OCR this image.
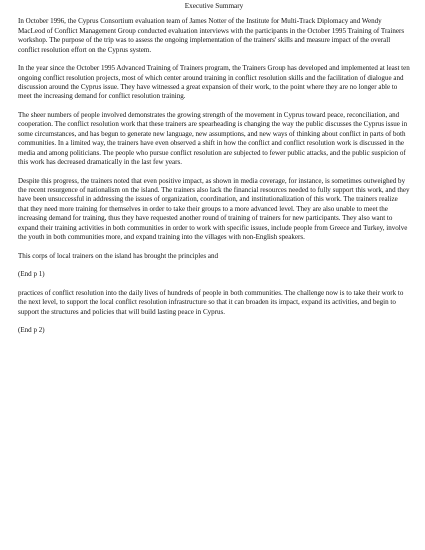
Executive Summary

In October 1996, the Cyprus Consortium evaluation team of James Notter of the Institute for Multi-Track Diplomacy and Wendy MacLeod of Conflict Management Group conducted evaluation interviews with the participants in the October 1995 Training of Trainers workshop. The purpose of the trip was to assess the ongoing implementation of the trainers' skills and measure impact of the overall conflict resolution effort on the Cyprus system.

In the year since the October 1995 Advanced Training of Trainers program, the Trainers Group has developed and implemented at least ten ongoing conflict resolution projects, most of which center around training in conflict resolution skills and the facilitation of dialogue and discussion around the Cyprus issue. They have witnessed a great expansion of their work, to the point where they are no longer able to meet the increasing demand for conflict resolution training.

The sheer numbers of people involved demonstrates the growing strength of the movement in Cyprus toward peace, reconciliation, and cooperation. The conflict resolution work that these trainers are spearheading is changing the way the public discusses the Cyprus issue in some circumstances, and has begun to generate new language, new assumptions, and new ways of thinking about conflict in parts of both communities. In a limited way, the trainers have even observed a shift in how the conflict and conflict resolution work is discussed in the media and among politicians. The people who pursue conflict resolution are subjected to fewer public attacks, and the public suspicion of this work has decreased dramatically in the last few years.

Despite this progress, the trainers noted that even positive impact, as shown in media coverage, for instance, is sometimes outweighed by the recent resurgence of nationalism on the island. The trainers also lack the financial resources needed to fully support this work, and they have been unsuccessful in addressing the issues of organization, coordination, and institutionalization of this work. The trainers realize that they need more training for themselves in order to take their groups to a more advanced level. They are also unable to meet the increasing demand for training, thus they have requested another round of training of trainers for new participants. They also want to expand their training activities in both communities in order to work with specific issues, include people from Greece and Turkey, involve the youth in both communities more, and expand training into the villages with non-English speakers.

This corps of local trainers on the island has brought the principles and

(End p 1)

practices of conflict resolution into the daily lives of hundreds of people in both communities. The challenge now is to take their work to the next level, to support the local conflict resolution infrastructure so that it can broaden its impact, expand its activities, and begin to support the structures and policies that will build lasting peace in Cyprus.

(End p 2)
